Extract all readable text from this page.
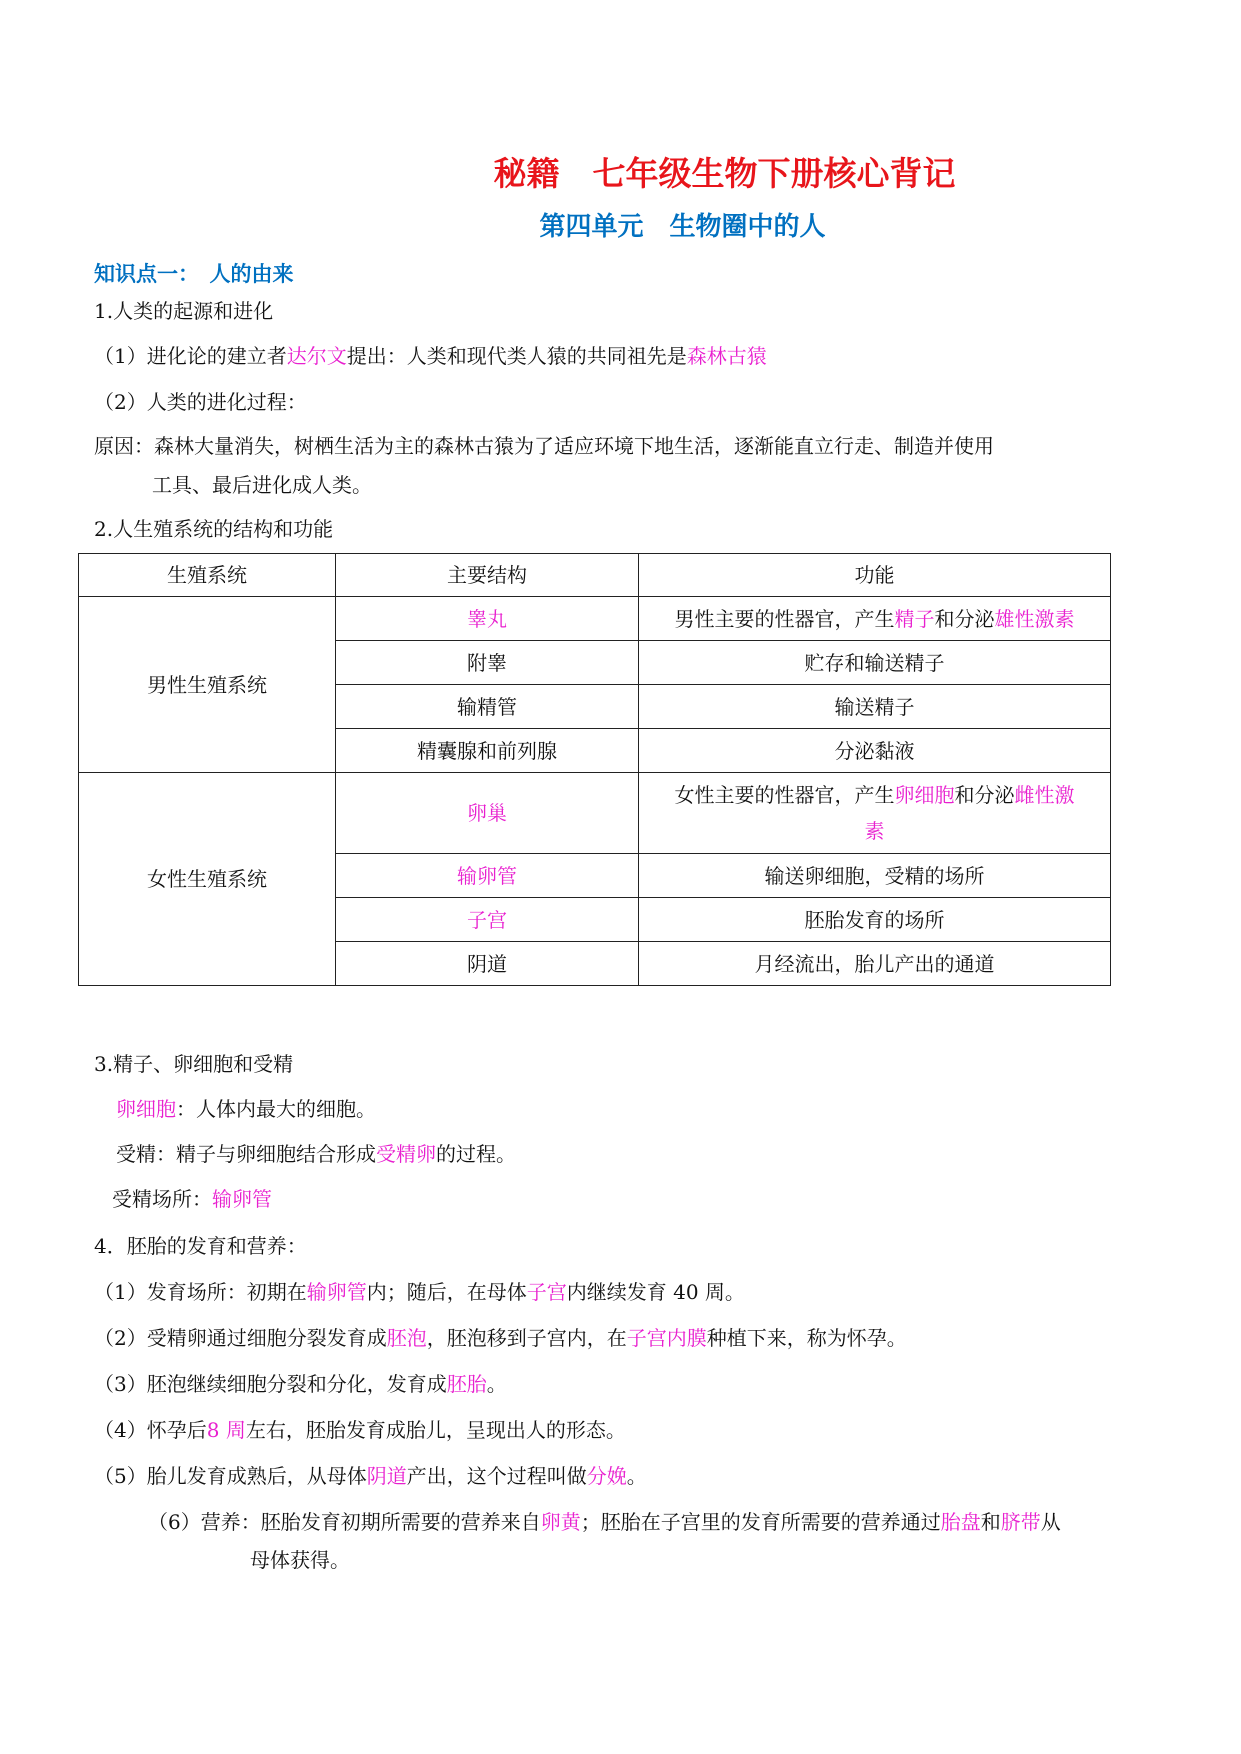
秘籍　七年级生物下册核心背记
第四单元　生物圈中的人
知识点一：　人的由来
1.人类的起源和进化
（1）进化论的建立者达尔文提出：人类和现代类人猿的共同祖先是森林古猿
（2）人类的进化过程：
原因：森林大量消失，树栖生活为主的森林古猿为了适应环境下地生活，逐渐能直立行走、制造并使用
工具、最后进化成人类。
2.人生殖系统的结构和功能
生殖系统	主要结构	功能
男性生殖系统	睾丸	男性主要的性器官，产生精子和分泌雄性激素
	附睾	贮存和输送精子
	输精管	输送精子
	精囊腺和前列腺	分泌黏液
女性生殖系统	卵巢	女性主要的性器官，产生卵细胞和分泌雌性激
素
	输卵管	输送卵细胞，受精的场所
	子宫	胚胎发育的场所
	阴道	月经流出，胎儿产出的通道
3.精子、卵细胞和受精
卵细胞：人体内最大的细胞。
受精：精子与卵细胞结合形成受精卵的过程。
受精场所：输卵管
4．胚胎的发育和营养：
（1）发育场所：初期在输卵管内；随后，在母体子宫内继续发育 40 周。
（2）受精卵通过细胞分裂发育成胚泡，胚泡移到子宫内，在子宫内膜种植下来，称为怀孕。
（3）胚泡继续细胞分裂和分化，发育成胚胎。
（4）怀孕后8 周左右，胚胎发育成胎儿，呈现出人的形态。
（5）胎儿发育成熟后，从母体阴道产出，这个过程叫做分娩。
（6）营养：胚胎发育初期所需要的营养来自卵黄；胚胎在子宫里的发育所需要的营养通过胎盘和脐带从
母体获得。
